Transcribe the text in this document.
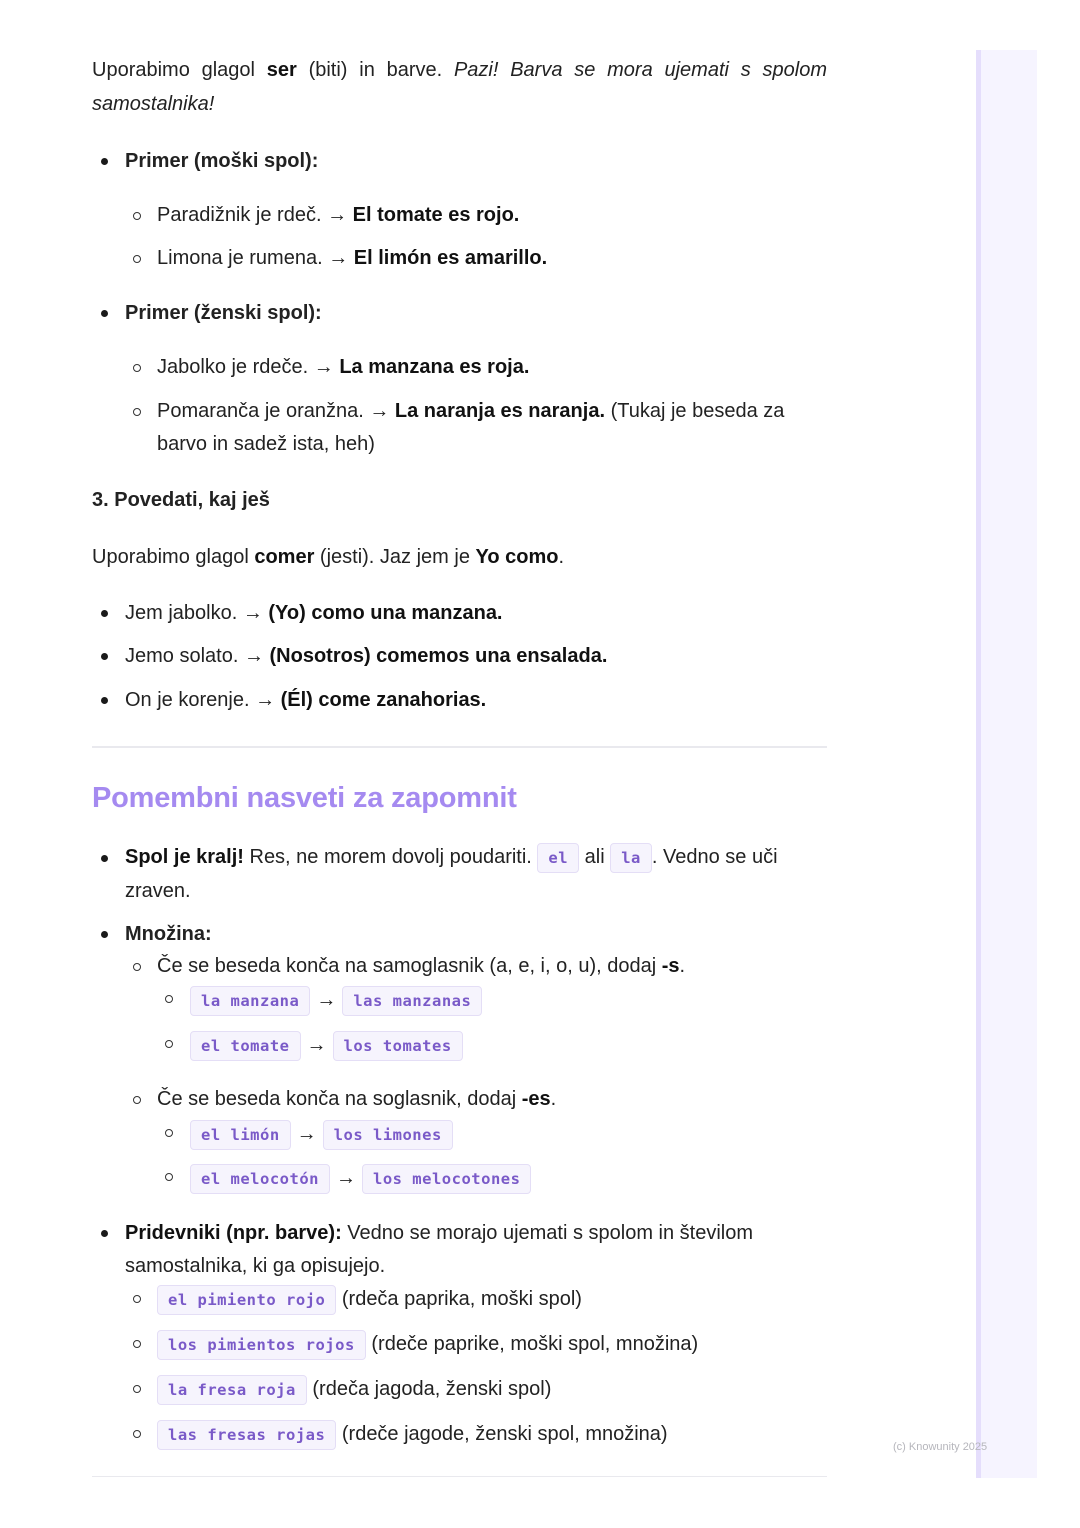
Uporabimo glagol ser (biti) in barve. Pazi! Barva se mora ujemati s spolom samostalnika!
Primer (moški spol):
Paradižnik je rdeč. → El tomate es rojo.
Limona je rumena. → El limón es amarillo.
Primer (ženski spol):
Jabolko je rdeče. → La manzana es roja.
Pomaranča je oranžna. → La naranja es naranja. (Tukaj je beseda za barvo in sadež ista, heh)
3. Povedati, kaj ješ
Uporabimo glagol comer (jesti). Jaz jem je Yo como.
Jem jabolko. → (Yo) como una manzana.
Jemo solato. → (Nosotros) comemos una ensalada.
On je korenje. → (Él) come zanahorias.
Pomembni nasveti za zapomnit
Spol je kralj! Res, ne morem dovolj poudariti. el ali la . Vedno se uči zraven.
Množina:
Če se beseda konča na samoglasnik (a, e, i, o, u), dodaj -s.
la manzana → las manzanas
el tomate → los tomates
Če se beseda konča na soglasnik, dodaj -es.
el limón → los limones
el melocotón → los melocotones
Pridevniki (npr. barve): Vedno se morajo ujemati s spolom in številom samostalnika, ki ga opisujejo.
el pimiento rojo (rdeča paprika, moški spol)
los pimientos rojos (rdeče paprike, moški spol, množina)
la fresa roja (rdeča jagoda, ženski spol)
las fresas rojas (rdeče jagode, ženski spol, množina)
(c) Knowunity 2025
